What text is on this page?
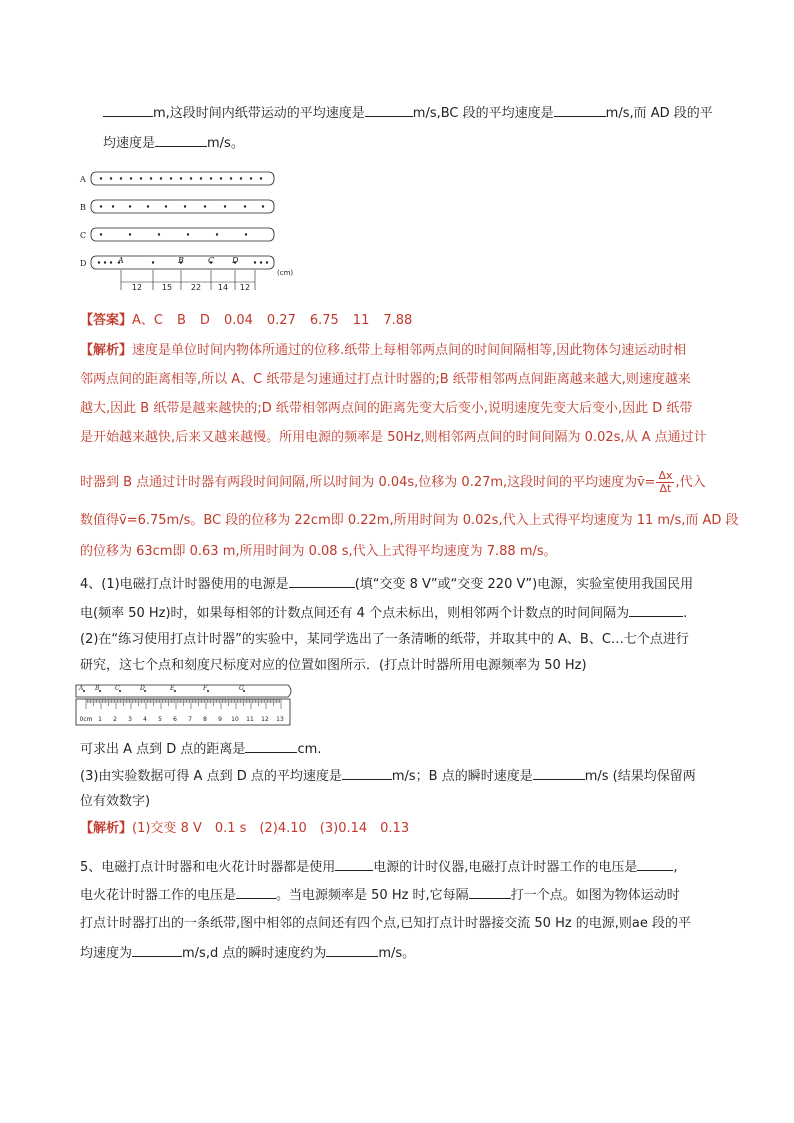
m,这段时间内纸带运动的平均速度是	m/s,BC 段的平均速度是	m/s,而 AD 段的平
均速度是	m/s。
A
B
C
D	A	B	C D
(cm)
12 15 22 14 12
【答案】A、C B D 0.04 0.27 6.75 11 7.88
【解析】速度是单位时间内物体所通过的位移.纸带上每相邻两点间的时间间隔相等,因此物体匀速运动时相
邻两点间的距离相等,所以 A、C 纸带是匀速通过打点计时器的;B 纸带相邻两点间距离越来越大,则速度越来
越大,因此 B 纸带是越来越快的;D 纸带相邻两点间的距离先变大后变小,说明速度先变大后变小,因此 D 纸带
是开始越来越快,后来又越来越慢。所用电源的频率是 50Hz,则相邻两点间的时间间隔为 0.02s,从 A 点通过计
时器到 B 点通过计时器有两段时间间隔,所以时间为 0.04s,位移为 0.27m,这段时间的平均速度为v̄= $\frac{\Delta x}{\Delta t}$ ,代入
数值得v̄=6.75m/s。BC 段的位移为 22cm即 0.22m,所用时间为 0.02s,代入上式得平均速度为 11 m/s,而 AD 段
的位移为 63cm即 0.63 m,所用时间为 0.08 s,代入上式得平均速度为 7.88 m/s。
4、(1)电磁打点计时器使用的电源是	(填“交变 8 V”或“交变 220 V”)电源，实验室使用我国民用
电(频率 50 Hz)时，如果每相邻的计数点间还有 4 个点未标出，则相邻两个计数点的时间间隔为	.
(2)在“练习使用打点计时器”的实验中，某同学选出了一条清晰的纸带，并取其中的 A、B、C…七个点进行
研究，这七个点和刻度尺标度对应的位置如图所示．(打点计时器所用电源频率为 50 Hz)
A B	C	D	E	F	G
0cm 1 2 3 4 5 6 7 8 9 10 11 12 13
可求出 A 点到 D 点的距离是	cm.
(3)由实验数据可得 A 点到 D 点的平均速度是	m/s；B 点的瞬时速度是	m/s (结果均保留两
位有效数字)
【解析】(1)交变 8 V　0.1 s　(2)4.10　(3)0.14　0.13
5、电磁打点计时器和电火花计时器都是使用	电源的计时仪器,电磁打点计时器工作的电压是	,
电火花计时器工作的电压是	。当电源频率是 50 Hz 时,它每隔	打一个点。如图为物体运动时
打点计时器打出的一条纸带,图中相邻的点间还有四个点,已知打点计时器接交流 50 Hz 的电源,则ae 段的平
均速度为	m/s,d 点的瞬时速度约为	m/s。
